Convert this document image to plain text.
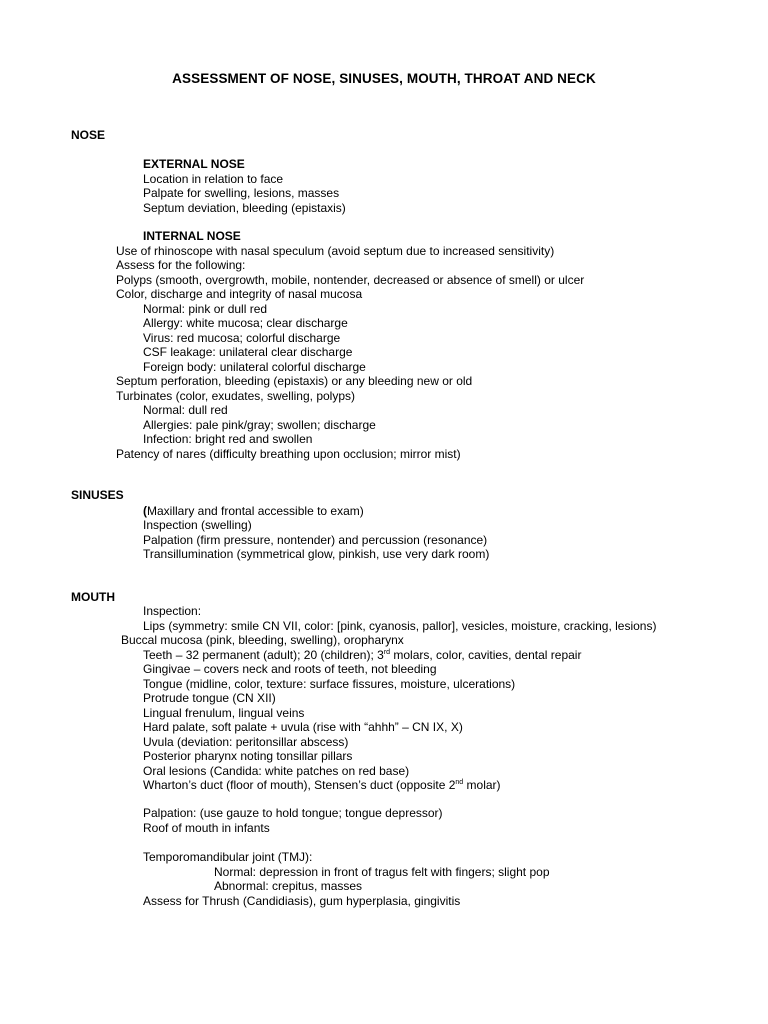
ASSESSMENT OF NOSE, SINUSES, MOUTH, THROAT AND NECK
NOSE
EXTERNAL NOSE
Location in relation to face
Palpate for swelling, lesions, masses
Septum deviation, bleeding (epistaxis)
INTERNAL NOSE
Use of rhinoscope with nasal speculum (avoid septum due to increased sensitivity)
Assess for the following:
Polyps (smooth, overgrowth, mobile, nontender, decreased or absence of smell) or ulcer
Color, discharge and integrity of nasal mucosa
Normal: pink or dull red
Allergy: white mucosa; clear discharge
Virus: red mucosa; colorful discharge
CSF leakage: unilateral clear discharge
Foreign body: unilateral colorful discharge
Septum perforation, bleeding (epistaxis) or any bleeding new or old
Turbinates (color, exudates, swelling, polyps)
Normal: dull red
Allergies: pale pink/gray; swollen; discharge
Infection: bright red and swollen
Patency of nares (difficulty breathing upon occlusion; mirror mist)
SINUSES
(Maxillary and frontal accessible to exam)
Inspection (swelling)
Palpation (firm pressure, nontender) and percussion (resonance)
Transillumination (symmetrical glow, pinkish, use very dark room)
MOUTH
Inspection:
Lips (symmetry: smile CN VII, color: [pink, cyanosis, pallor], vesicles, moisture, cracking, lesions)
Buccal mucosa (pink, bleeding, swelling), oropharynx
Teeth – 32 permanent (adult); 20 (children); 3rd molars, color, cavities, dental repair
Gingivae – covers neck and roots of teeth, not bleeding
Tongue (midline, color, texture: surface fissures, moisture, ulcerations)
Protrude tongue (CN XII)
Lingual frenulum, lingual veins
Hard palate, soft palate + uvula (rise with “ahhh” – CN IX, X)
Uvula (deviation: peritonsillar abscess)
Posterior pharynx noting tonsillar pillars
Oral lesions (Candida: white patches on red base)
Wharton’s duct (floor of mouth), Stensen’s duct (opposite 2nd molar)
Palpation: (use gauze to hold tongue; tongue depressor)
Roof of mouth in infants
Temporomandibular joint (TMJ):
Normal: depression in front of tragus felt with fingers; slight pop
Abnormal: crepitus, masses
Assess for Thrush (Candidiasis), gum hyperplasia, gingivitis
